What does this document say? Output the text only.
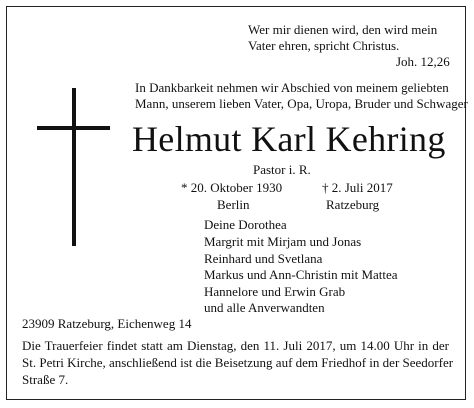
Wer mir dienen wird, den wird mein
Vater ehren, spricht Christus.
Joh. 12,26
In Dankbarkeit nehmen wir Abschied von meinem geliebten
Mann, unserem lieben Vater, Opa, Uropa, Bruder und Schwager
Helmut Karl Kehring
Pastor i. R.
* 20. Oktober 1930	† 2. Juli 2017
Berlin	Ratzeburg
Deine Dorothea
Margrit mit Mirjam und Jonas
Reinhard und Svetlana
Markus und Ann-Christin mit Mattea
Hannelore und Erwin Grab
und alle Anverwandten
23909 Ratzeburg, Eichenweg 14
Die Trauerfeier findet statt am Dienstag, den 11. Juli 2017, um 14.00 Uhr in der
St. Petri Kirche, anschließend ist die Beisetzung auf dem Friedhof in der Seedorfer
Straße 7.
